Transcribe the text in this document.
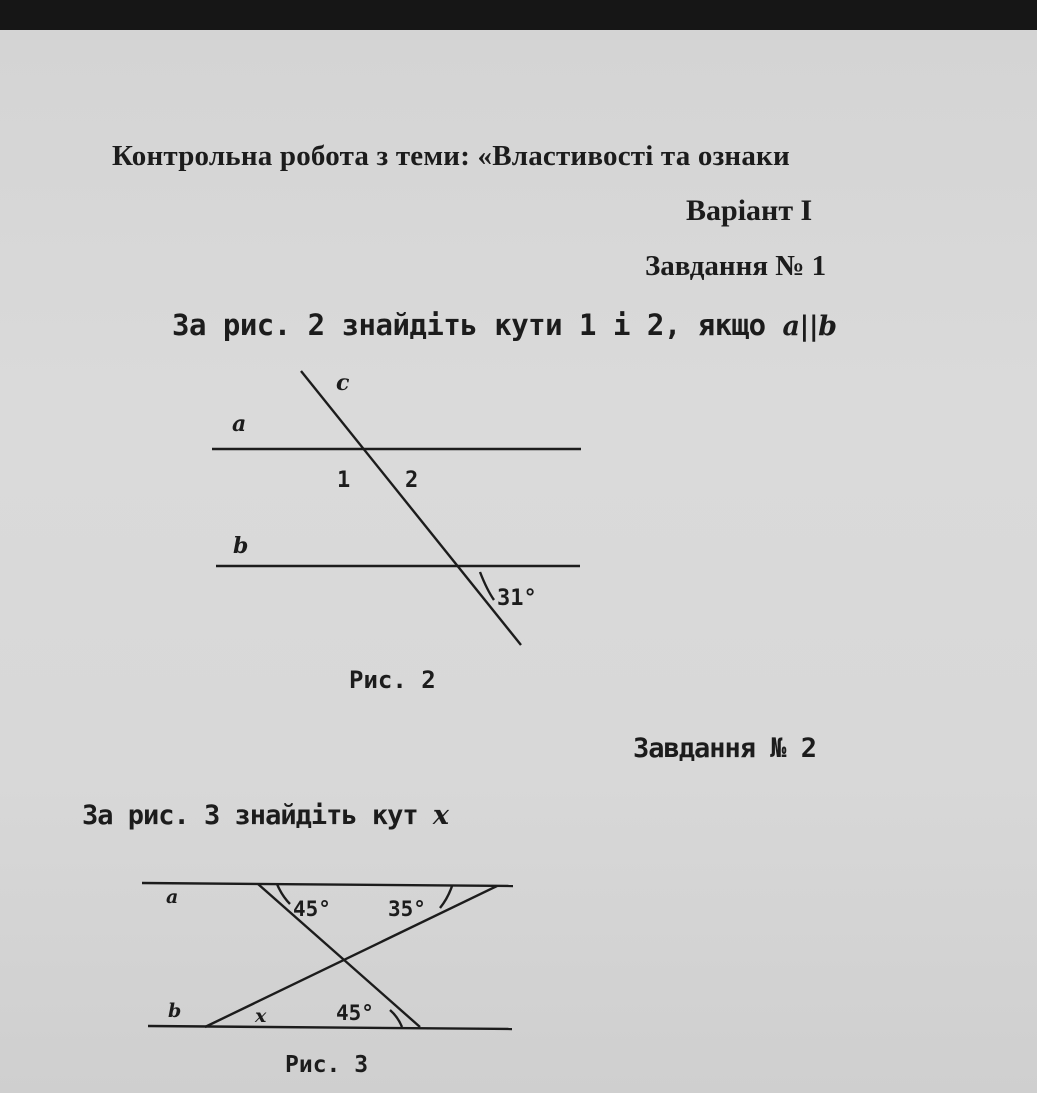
Контрольна робота з теми: «Властивості та ознаки
Варіант I
Завдання № 1
За рис. 2 знайдіть кути 1 і 2, якщо a||b
Завдання № 2
За рис. 3 знайдіть кут x
a
b
c
1 2
31°
Рис. 2
a
b
45°	35°
45°
x
Рис. 3
